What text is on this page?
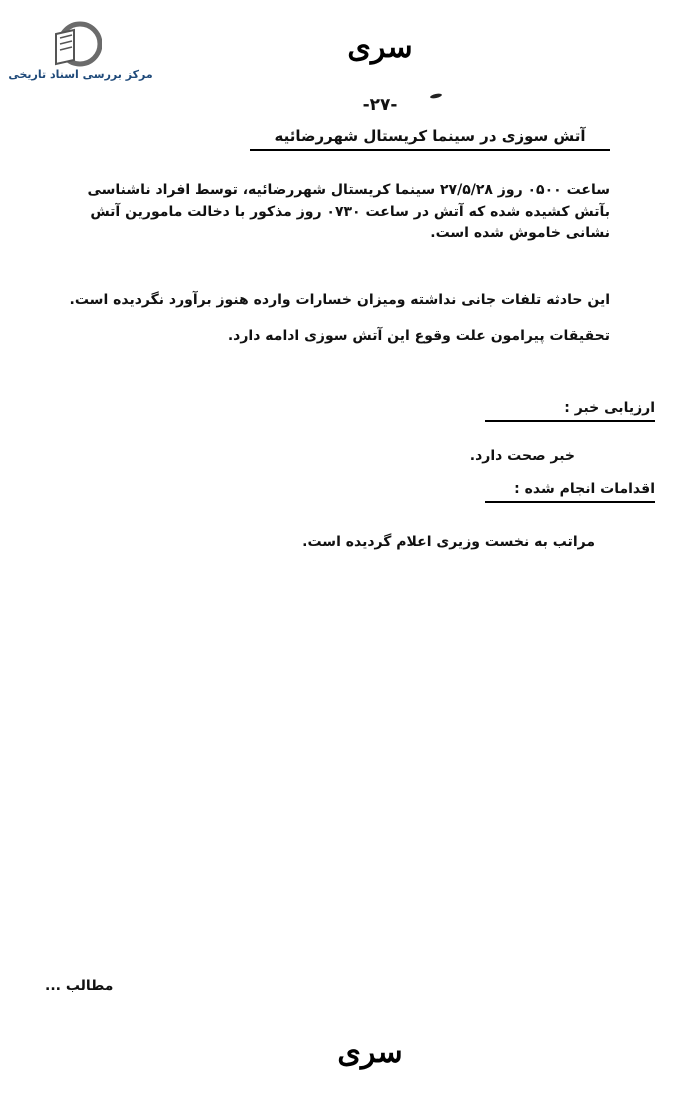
مرکز بررسی اسناد تاریخی
سری
-۲۷-
آتش سوزی در سینما کریستال شهررضائیه
ساعت ۰۵۰۰ روز ۲۷/۵/۲۸ سینما کریستال شهررضائیه، توسط افراد ناشناسی بآتش کشیده شده که آتش در ساعت ۰۷۳۰ روز مذکور با دخالت مامورین آتش نشانی خاموش شده است.
این حادثه تلفات جانی نداشته ومیزان خسارات وارده هنوز برآورد نگردیده است.
تحقیقات پیرامون علت وقوع این آتش سوزی ادامه دارد.
ارزیابی خبر :
خبر صحت دارد.
اقدامات انجام شده :
مراتب به نخست وزیری اعلام گردیده است.
مطالب ...
سری
